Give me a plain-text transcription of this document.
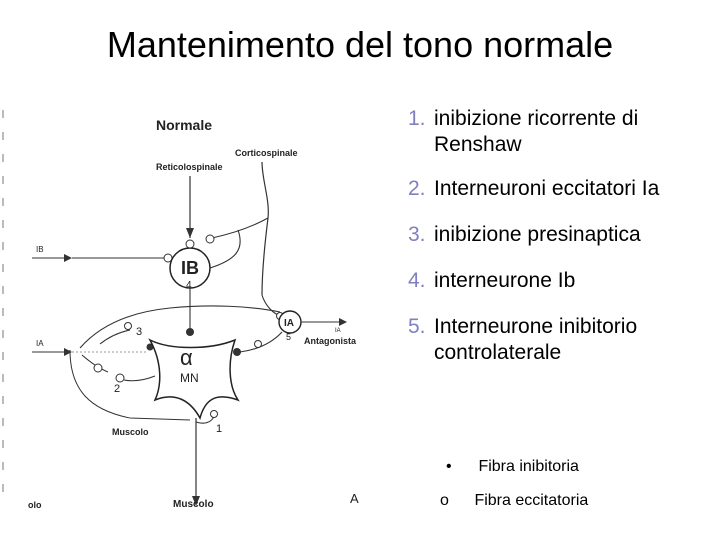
Mantenimento del tono normale
Normale
Corticospinale
Reticolospinale
IB
IB
4
IA
3
IA
5
IA
Antagonista
α
MN
1
2
Muscolo
Muscolo
olo	A
1. inibizione ricorrente di Renshaw
2. Interneuroni eccitatori Ia
3. inibizione presinaptica
4. interneurone Ib
5. Interneurone inibitorio controlaterale
• Fibra inibitoria
o Fibra eccitatoria
